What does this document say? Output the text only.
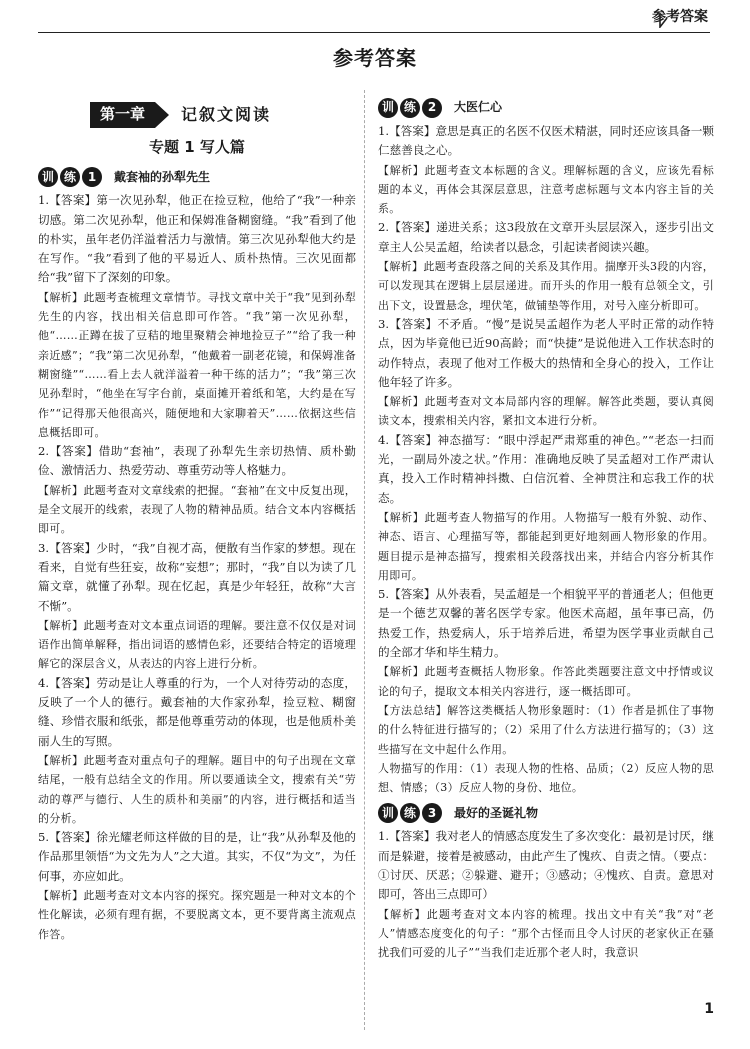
参考答案
参考答案
第一章	记叙文阅读
专题 1 写人篇
训 练 1	戴套袖的孙犁先生

1.【答案】第一次见孙犁，他正在捡豆粒，他给了“我”一种亲切感。第二次见孙犁，他正和保姆准备糊窗缝。“我”看到了他的朴实，虽年老仍洋溢着活力与激情。第三次见孙犁他大约是在写作。“我”看到了他的平易近人、质朴热情。三次见面都给“我”留下了深刻的印象。

【解析】此题考查梳理文章情节。寻找文章中关于“我”见到孙犁先生的内容，找出相关信息即可作答。“我”第一次见孙犁，他“……正蹲在拔了豆秸的地里聚精会神地捡豆子”“给了我一种亲近感”；“我”第二次见孙犁，“他戴着一副老花镜，和保姆准备糊窗缝”“……看上去人就洋溢着一种干练的活力”；“我”第三次见孙犁时，“他坐在写字台前，桌面摊开着纸和笔，大约是在写作”“记得那天他很高兴，随便地和大家聊着天”……依据这些信息概括即可。

2.【答案】借助“套袖”，表现了孙犁先生亲切热情、质朴勤俭、激情活力、热爱劳动、尊重劳动等人格魅力。

【解析】此题考查对文章线索的把握。“套袖”在文中反复出现，是全文展开的线索，表现了人物的精神品质。结合文本内容概括即可。

3.【答案】少时，“我”自视才高，便散有当作家的梦想。现在看来，自觉有些狂妄，故称“妄想”；那时，“我”自以为读了几篇文章，就懂了孙犁。现在忆起，真是少年轻狂，故称“大言不惭”。

【解析】此题考查对文本重点词语的理解。要注意不仅仅是对词语作出简单解释，指出词语的感情色彩，还要结合特定的语境理解它的深层含义，从表达的内容上进行分析。

4.【答案】劳动是让人尊重的行为，一个人对待劳动的态度，反映了一个人的德行。戴套袖的大作家孙犁，捡豆粒、糊窗缝、珍惜衣服和纸张，都是他尊重劳动的体现，也是他质朴美丽人生的写照。

【解析】此题考查对重点句子的理解。题目中的句子出现在文章结尾，一般有总结全文的作用。所以要通读全文，搜索有关“劳动的尊严与德行、人生的质朴和美丽”的内容，进行概括和适当的分析。

5.【答案】徐光耀老师这样做的目的是，让“我”从孙犁及他的作品那里领悟“为文先为人”之大道。其实，不仅“为文”，为任何事，亦应如此。

【解析】此题考查对文本内容的探究。探究题是一种对文本的个性化解读，必须有理有据，不要脱离文本，更不要背离主流观点作答。

训 练 2	大医仁心

1.【答案】意思是真正的名医不仅医术精湛，同时还应该具备一颗仁慈善良之心。

【解析】此题考查文本标题的含义。理解标题的含义，应该先看标题的本义，再体会其深层意思，注意考虑标题与文本内容主旨的关系。

2.【答案】递进关系；这3段放在文章开头层层深入，逐步引出文章主人公吴孟超，给读者以悬念，引起读者阅读兴趣。

【解析】此题考查段落之间的关系及其作用。揣摩开头3段的内容，可以发现其在逻辑上层层递进。而开头的作用一般有总领全文，引出下文，设置悬念，埋伏笔，做铺垫等作用，对号入座分析即可。

3.【答案】不矛盾。“慢”是说吴孟超作为老人平时正常的动作特点，因为毕竟他已近90高龄；而“快捷”是说他进入工作状态时的动作特点，表现了他对工作极大的热情和全身心的投入，工作让他年轻了许多。

【解析】此题考查对文本局部内容的理解。解答此类题，要认真阅读文本，搜索相关内容，紧扣文本进行分析。

4.【答案】神态描写：“眼中浮起严肃郑重的神色。”“老态一扫而光，一副局外凌之状。”作用：准确地反映了吴孟超对工作严肃认真，投入工作时精神抖擞、白信沉着、全神贯注和忘我工作的状态。

【解析】此题考查人物描写的作用。人物描写一般有外貌、动作、神态、语言、心理描写等，都能起到更好地刻画人物形象的作用。题目提示是神态描写，搜索相关段落找出来，并结合内容分析其作用即可。

5.【答案】从外表看，吴孟超是一个相貌平平的普通老人；但他更是一个德艺双馨的著名医学专家。他医术高超，虽年事已高，仍热爱工作，热爱病人，乐于培养后进，希望为医学事业贡献自己的全部才华和毕生精力。

【解析】此题考查概括人物形象。作答此类题要注意文中抒情或议论的句子，提取文本相关内容进行，逐一概括即可。

【方法总结】解答这类概括人物形象题时：（1）作者是抓住了事物的什么特征进行描写的；（2）采用了什么方法进行描写的；（3）这些描写在文中起什么作用。

人物描写的作用：（1）表现人物的性格、品质；（2）反应人物的思想、情感；（3）反应人物的身份、地位。

训 练 3	最好的圣诞礼物

1.【答案】我对老人的情感态度发生了多次变化：最初是讨厌，继而是躲避，接着是被感动，由此产生了愧疚、自责之情。（要点：①讨厌、厌恶；②躲避、避开；③感动；④愧疚、自责。意思对即可，答出三点即可）

【解析】此题考查对文本内容的梳理。找出文中有关“我”对“老人”情感态度变化的句子：“那个古怪而且令人讨厌的老家伙正在骚扰我们可爱的儿子”“当我们走近那个老人时，我意识

1
